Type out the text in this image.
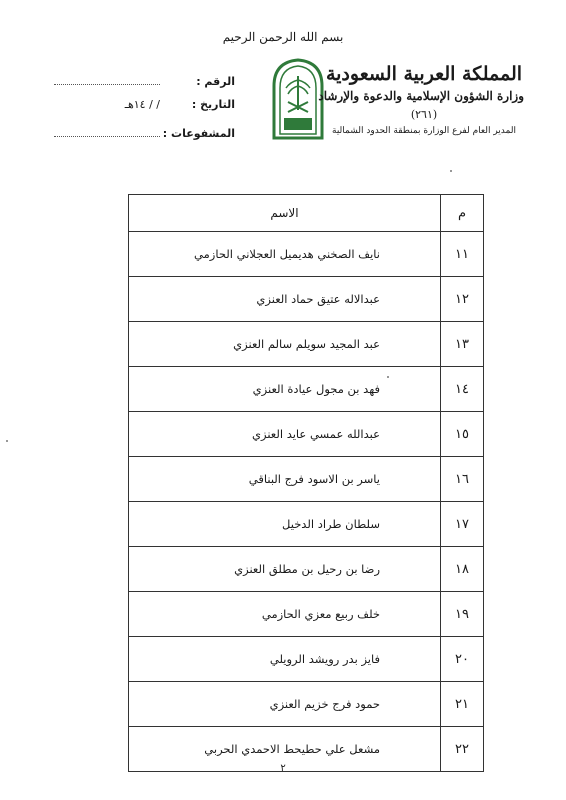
بسم الله الرحمن الرحيم
المملكة العربية السعودية
وزارة الشؤون الإسلامية والدعوة والإرشاد
(٢٦١)
المدير العام لفرع الوزارة بمنطقة الحدود الشمالية
الرقم :
التاريخ :
/ / ١٤هـ
المشفوعات :
م	الاسم
١١	نايف الصخني هديميل العجلاني الحازمي
١٢	عبدالاله عتيق حماد العنزي
١٣	عبد المجيد سويلم سالم العنزي
١٤	فهد بن مجول عيادة العنزي
١٥	عبدالله عمسي عايد العنزي
١٦	ياسر بن الاسود فرج البناقي
١٧	سلطان طراد الدخيل
١٨	رضا بن رحيل بن مطلق العنزي
١٩	خلف ربيع معزي الحازمي
٢٠	فايز بدر رويشد الرويلي
٢١	حمود فرج خزيم العنزي
٢٢	مشعل علي حطيحط الاحمدي الحربي
٢
